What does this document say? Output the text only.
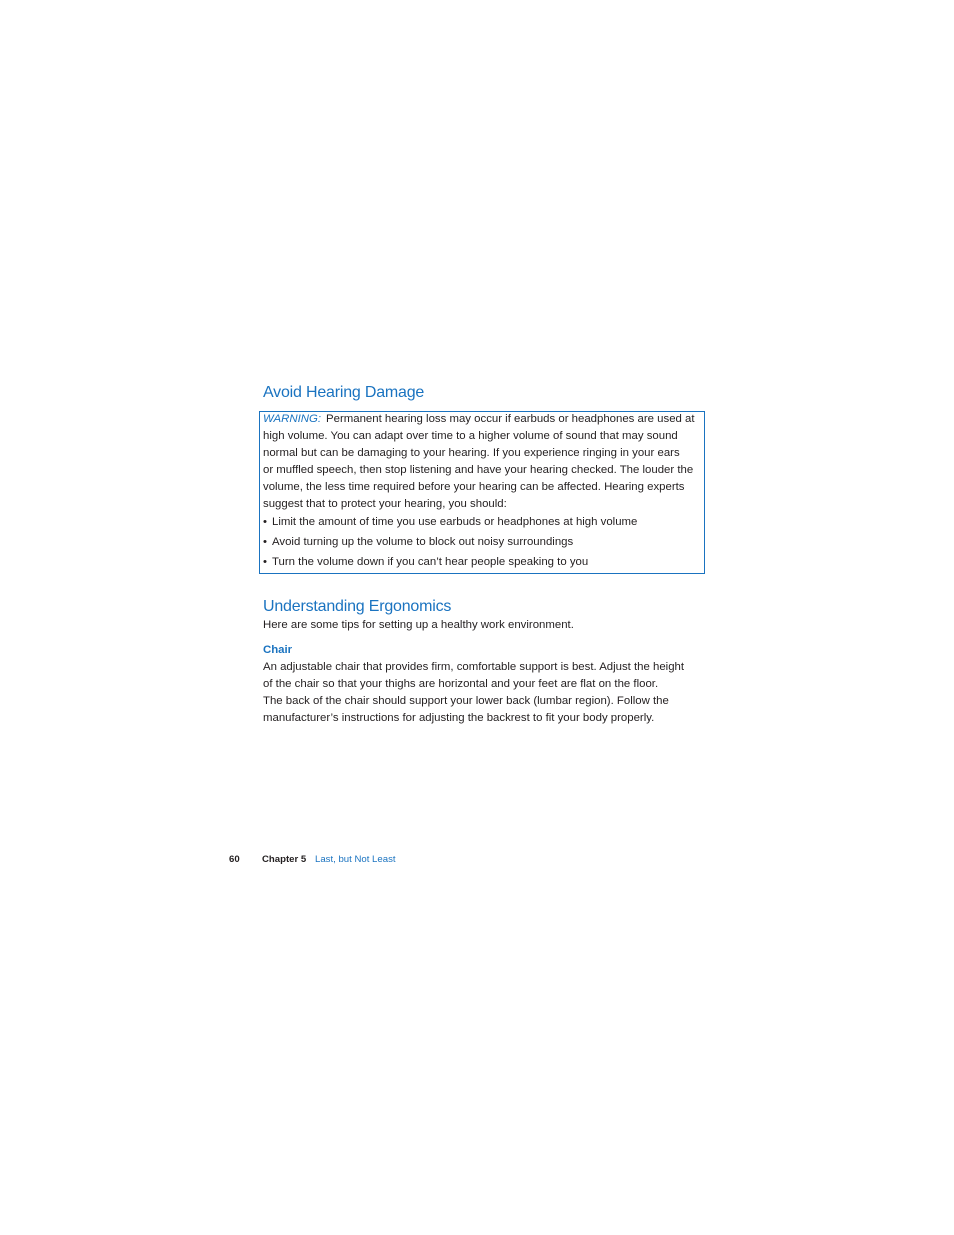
Avoid Hearing Damage
WARNING: Permanent hearing loss may occur if earbuds or headphones are used at
high volume. You can adapt over time to a higher volume of sound that may sound
normal but can be damaging to your hearing. If you experience ringing in your ears
or muffled speech, then stop listening and have your hearing checked. The louder the
volume, the less time required before your hearing can be affected. Hearing experts
suggest that to protect your hearing, you should:
• Limit the amount of time you use earbuds or headphones at high volume
• Avoid turning up the volume to block out noisy surroundings
• Turn the volume down if you can’t hear people speaking to you
Understanding Ergonomics

Here are some tips for setting up a healthy work environment.

Chair

An adjustable chair that provides firm, comfortable support is best. Adjust the height

of the chair so that your thighs are horizontal and your feet are flat on the floor.

The back of the chair should support your lower back (lumbar region). Follow the

manufacturer’s instructions for adjusting the backrest to fit your body properly.

60 Chapter 5 Last, but Not Least
